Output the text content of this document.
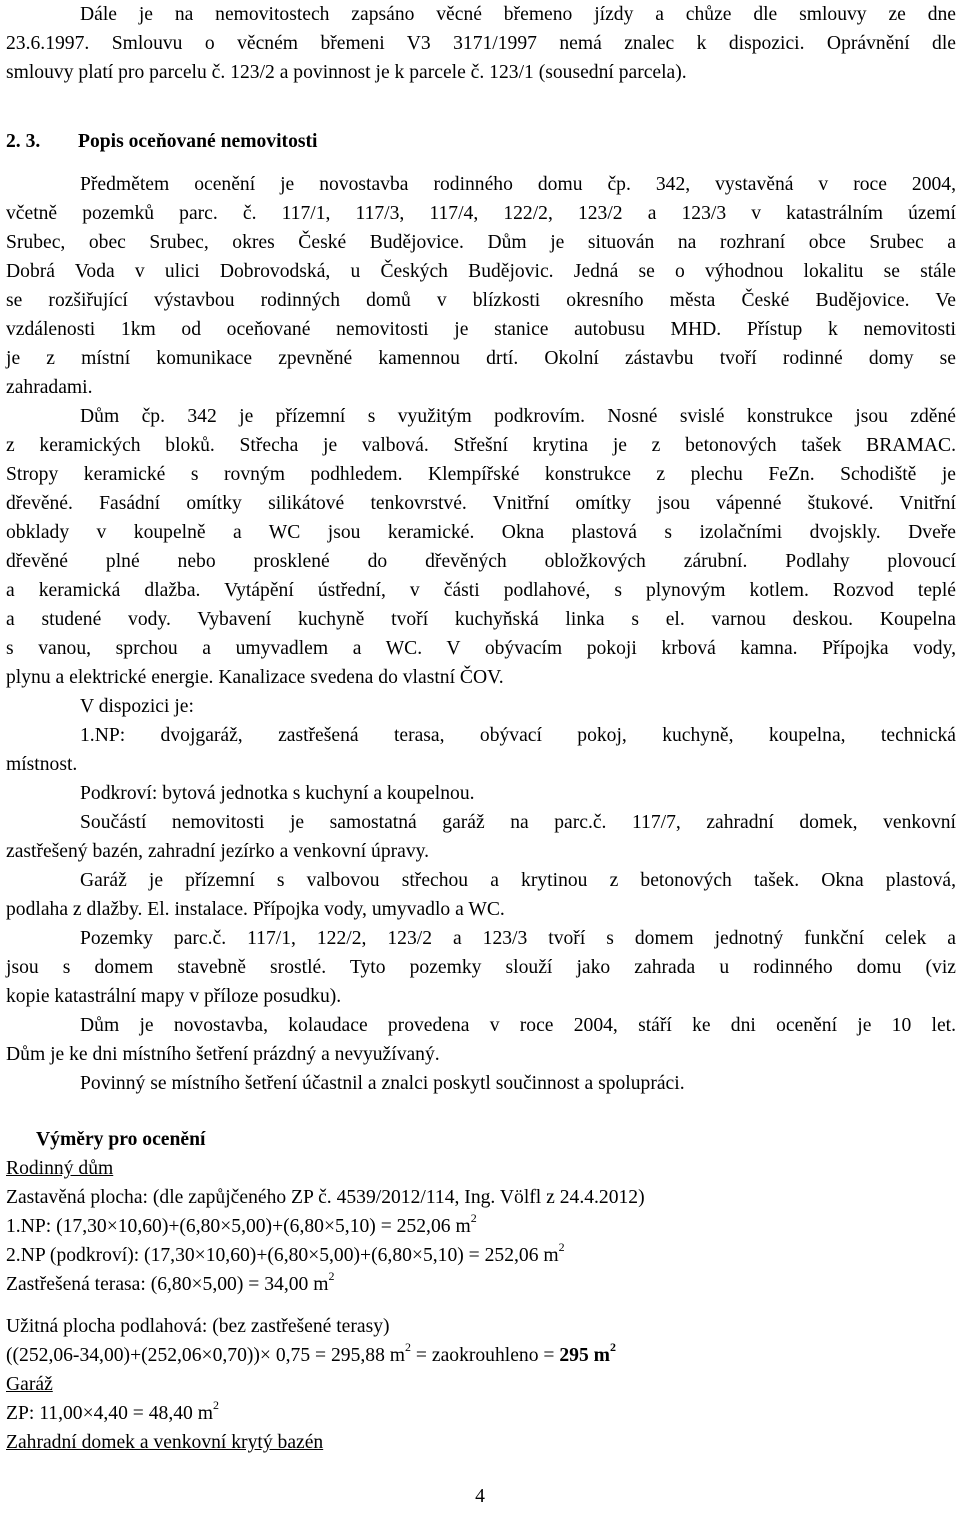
Dále je na nemovitostech zapsáno věcné břemeno jízdy a chůze dle smlouvy ze dne
23.6.1997. Smlouvu o věcném břemeni V3 3171/1997 nemá znalec k dispozici. Oprávnění dle
smlouvy platí pro parcelu č. 123/2 a povinnost je k parcele č. 123/1 (sousední parcela).
2. 3. Popis oceňované nemovitosti
Předmětem ocenění je novostavba rodinného domu čp. 342, vystavěná v roce 2004,
včetně pozemků parc. č. 117/1, 117/3, 117/4, 122/2, 123/2 a 123/3 v katastrálním území
Srubec, obec Srubec, okres České Budějovice. Dům je situován na rozhraní obce Srubec a
Dobrá Voda v ulici Dobrovodská, u Českých Budějovic. Jedná se o výhodnou lokalitu se stále
se rozšiřující výstavbou rodinných domů v blízkosti okresního města České Budějovice. Ve
vzdálenosti 1km od oceňované nemovitosti je stanice autobusu MHD. Přístup k nemovitosti
je z místní komunikace zpevněné kamennou drtí. Okolní zástavbu tvoří rodinné domy se
zahradami.
Dům čp. 342 je přízemní s využitým podkrovím. Nosné svislé konstrukce jsou zděné
z keramických bloků. Střecha je valbová. Střešní krytina je z betonových tašek BRAMAC.
Stropy keramické s rovným podhledem. Klempířské konstrukce z plechu FeZn. Schodiště je
dřevěné. Fasádní omítky silikátové tenkovrstvé. Vnitřní omítky jsou vápenné štukové. Vnitřní
obklady v koupelně a WC jsou keramické. Okna plastová s izolačními dvojskly. Dveře
dřevěné plné nebo prosklené do dřevěných obložkových zárubní. Podlahy plovoucí
a keramická dlažba. Vytápění ústřední, v části podlahové, s plynovým kotlem. Rozvod teplé
a studené vody. Vybavení kuchyně tvoří kuchyňská linka s el. varnou deskou. Koupelna
s vanou, sprchou a umyvadlem a WC. V obývacím pokoji krbová kamna. Přípojka vody,
plynu a elektrické energie. Kanalizace svedena do vlastní ČOV.
V dispozici je:
1.NP: dvojgaráž, zastřešená terasa, obývací pokoj, kuchyně, koupelna, technická
místnost.
Podkroví: bytová jednotka s kuchyní a koupelnou.
Součástí nemovitosti je samostatná garáž na parc.č. 117/7, zahradní domek, venkovní
zastřešený bazén, zahradní jezírko a venkovní úpravy.
Garáž je přízemní s valbovou střechou a krytinou z betonových tašek. Okna plastová,
podlaha z dlažby. El. instalace. Přípojka vody, umyvadlo a WC.
Pozemky parc.č. 117/1, 122/2, 123/2 a 123/3 tvoří s domem jednotný funkční celek a
jsou s domem stavebně srostlé. Tyto pozemky slouží jako zahrada u rodinného domu (viz
kopie katastrální mapy v příloze posudku).
Dům je novostavba, kolaudace provedena v roce 2004, stáří ke dni ocenění je 10 let.
Dům je ke dni místního šetření prázdný a nevyužívaný.
Povinný se místního šetření účastnil a znalci poskytl součinnost a spolupráci.
Výměry pro ocenění
Rodinný dům
Zastavěná plocha: (dle zapůjčeného ZP č. 4539/2012/114, Ing. Völfl z 24.4.2012)
1.NP: (17,30×10,60)+(6,80×5,00)+(6,80×5,10) = 252,06 $m^2$
2.NP (podkroví): (17,30×10,60)+(6,80×5,00)+(6,80×5,10) = 252,06 $m^2$
Zastřešená terasa: (6,80×5,00) = 34,00 $m^2$
Užitná plocha podlahová: (bez zastřešené terasy)
((252,06-34,00)+(252,06×0,70))× 0,75 = 295,88 $m^2$ = zaokrouhleno = 295 $m^2$
Garáž
ZP: 11,00×4,40 = 48,40 $m^2$
Zahradní domek a venkovní krytý bazén
4
